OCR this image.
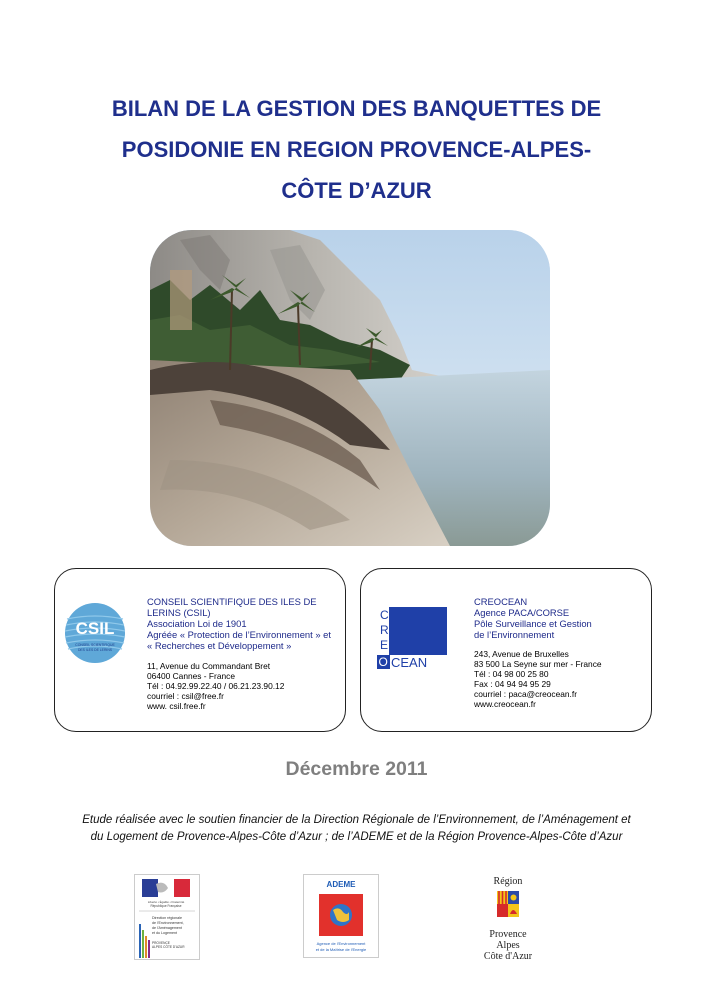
BILAN DE LA GESTION DES BANQUETTES DE
POSIDONIE EN REGION PROVENCE-ALPES-
CÔTE D’AZUR
CSIL
CONSEIL SCIENTIFIQUE
DES ILES DE LERINS

CONSEIL SCIENTIFIQUE DES ILES DE

LERINS (CSIL)

Association Loi de 1901

Agréée « Protection de l’Environnement » et

« Recherches et Développement »

11, Avenue du Commandant Bret

06400 Cannes - France

Tél : 04.92.99.22.40 / 06.21.23.90.12

courriel : csil@free.fr

www. csil.free.fr

C
R
E
O CEAN

CREOCEAN

Agence PACA/CORSE

Pôle Surveillance et Gestion

de l’Environnement

243, Avenue de Bruxelles

83 500 La Seyne sur mer - France

Tél : 04 98 00 25 80

Fax : 04 94 94 95 29

courriel : paca@creocean.fr

www.creocean.fr

Décembre 2011
Etude réalisée avec le soutien financier de la Direction Régionale de l’Environnement, de l’Aménagement et
du Logement de Provence-Alpes-Côte d’Azur ; de l’ADEME et de la Région Provence-Alpes-Côte d’Azur
Liberté • Égalité • Fraternité
République Française
Direction régionale
de l'Environnement,
de l'Aménagement
et du Logement
PROVENCE
ALPES CÔTE D'AZUR
ADEME
Agence de l'Environnement
et de la Maîtrise de l'Energie
Région
Provence
Alpes
Côte d'Azur
